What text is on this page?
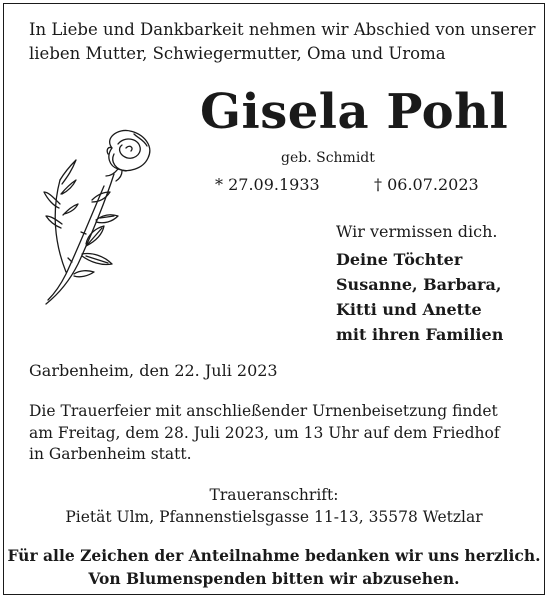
In Liebe und Dankbarkeit nehmen wir Abschied von unserer
lieben Mutter, Schwiegermutter, Oma und Uroma
Gisela Pohl
geb. Schmidt
* 27.09.1933	† 06.07.2023
Wir vermissen dich.
Deine Töchter
Susanne, Barbara,
Kitti und Anette
mit ihren Familien
Garbenheim, den 22. Juli 2023
Die Trauerfeier mit anschließender Urnenbeisetzung findet
am Freitag, dem 28. Juli 2023, um 13 Uhr auf dem Friedhof
in Garbenheim statt.
Traueranschrift:
Pietät Ulm, Pfannenstielsgasse 11-13, 35578 Wetzlar
Für alle Zeichen der Anteilnahme bedanken wir uns herzlich.
Von Blumenspenden bitten wir abzusehen.
